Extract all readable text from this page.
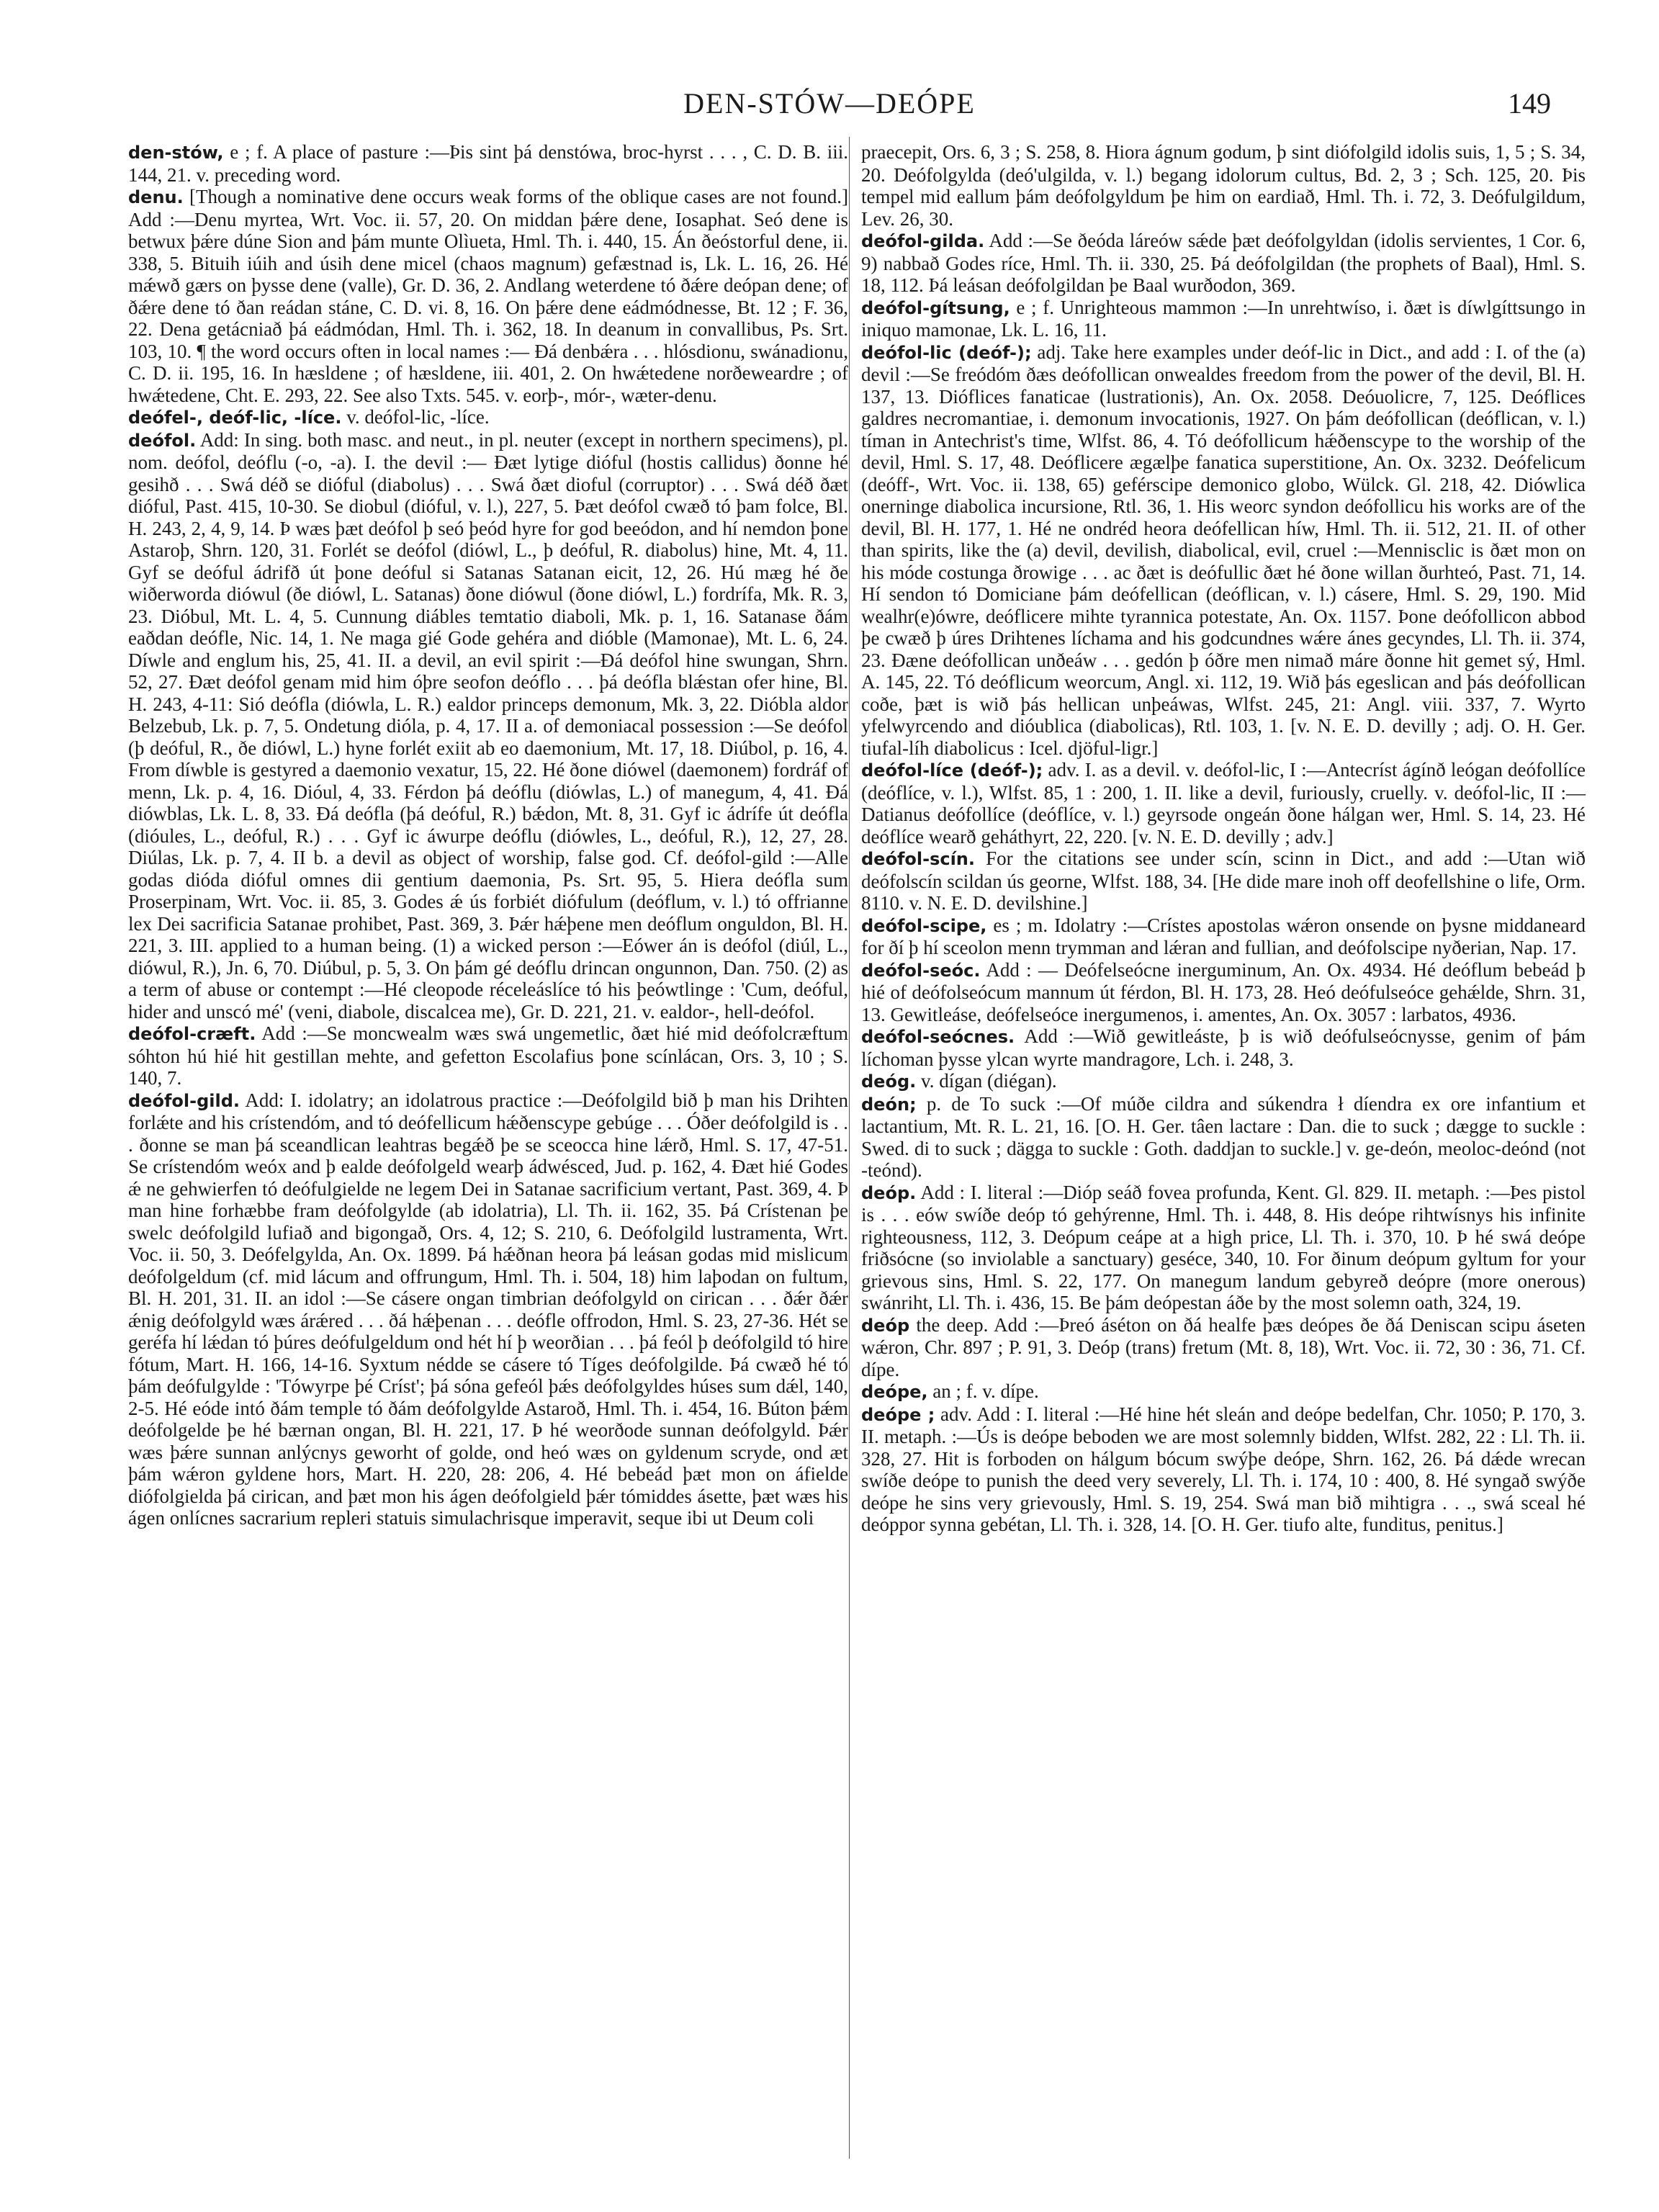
DEN-STÓW—DEÓPE	149

den-stów, e ; f. A place of pasture :—Þis sint þá denstówa, broc-hyrst . . . , C. D. B. iii. 144, 21. v. preceding word.

denu. [Though a nominative dene occurs weak forms of the oblique cases are not found.] Add :—Denu myrtea, Wrt. Voc. ii. 57, 20. On middan þǽre dene, Iosaphat. Seó dene is betwux þǽre dúne Sion and þám munte Olìueta, Hml. Th. i. 440, 15. Án ðeóstorful dene, ii. 338, 5. Bituih iúih and úsih dene micel (chaos magnum) gefæstnad is, Lk. L. 16, 26. Hé mǽwð gærs on þysse dene (valle), Gr. D. 36, 2. Andlang weterdene tó ðǽre deópan dene; of ðǽre dene tó ðan reádan stáne, C. D. vi. 8, 16. On þǽre dene eádmódnesse, Bt. 12 ; F. 36, 22. Dena getácniað þá eádmódan, Hml. Th. i. 362, 18. In deanum in convallibus, Ps. Srt. 103, 10. ¶ the word occurs often in local names :— Ðá denbǽra . . . hlósdionu, swánadionu, C. D. ii. 195, 16. In hæsldene ; of hæsldene, iii. 401, 2. On hwǽtedene norðeweardre ; of hwǽtedene, Cht. E. 293, 22. See also Txts. 545. v. eorþ-, mór-, wæter-denu.

deófel-, deóf-lic, -líce. v. deófol-lic, -líce.

deófol. Add: In sing. both masc. and neut., in pl. neuter (except in northern specimens), pl. nom. deófol, deóflu (-o, -a). I. the devil :— Ðæt lytige dióful (hostis callidus) ðonne hé gesihð . . . Swá déð se dióful (diabolus) . . . Swá ðæt dioful (corruptor) . . . Swá déð ðæt dióful, Past. 415, 10-30. Se diobul (dióful, v. l.), 227, 5. Þæt deófol cwæð tó þam folce, Bl. H. 243, 2, 4, 9, 14. Þ wæs þæt deófol þ seó þeód hyre for god beeódon, and hí nemdon þone Astaroþ, Shrn. 120, 31. Forlét se deófol (diówl, L., þ deóful, R. diabolus) hine, Mt. 4, 11. Gyf se deóful ádrifð út þone deóful si Satanas Satanan eicit, 12, 26. Hú mæg hé ðe wiðerworda diówul (ðe diówl, L. Satanas) ðone diówul (ðone diówl, L.) fordrífa, Mk. R. 3, 23. Dióbul, Mt. L. 4, 5. Cunnung diábles temtatio diaboli, Mk. p. 1, 16. Satanase ðám eaðdan deófle, Nic. 14, 1. Ne maga gié Gode gehéra and dióble (Mamonae), Mt. L. 6, 24. Díwle and englum his, 25, 41. II. a devil, an evil spirit :—Ðá deófol hine swungan, Shrn. 52, 27. Ðæt deófol genam mid him óþre seofon deóflo . . . þá deófla blǽstan ofer hine, Bl. H. 243, 4-11: Sió deófla (diówla, L. R.) ealdor princeps demonum, Mk. 3, 22. Dióbla aldor Belzebub, Lk. p. 7, 5. Ondetung dióla, p. 4, 17. II a. of demoniacal possession :—Se deófol (þ deóful, R., ðe diówl, L.) hyne forlét exiit ab eo daemonium, Mt. 17, 18. Diúbol, p. 16, 4. From díwble is gestyred a daemonio vexatur, 15, 22. Hé ðone diówel (daemonem) fordráf of menn, Lk. p. 4, 16. Dióul, 4, 33. Férdon þá deóflu (diówlas, L.) of manegum, 4, 41. Ðá diówblas, Lk. L. 8, 33. Ðá deófla (þá deóful, R.) bǽdon, Mt. 8, 31. Gyf ic ádrífe út deófla (dióules, L., deóful, R.) . . . Gyf ic áwurpe deóflu (diówles, L., deóful, R.), 12, 27, 28. Diúlas, Lk. p. 7, 4. II b. a devil as object of worship, false god. Cf. deófol-gild :—Alle godas dióda dióful omnes dii gentium daemonia, Ps. Srt. 95, 5. Hiera deófla sum Proserpinam, Wrt. Voc. ii. 85, 3. Godes ǽ ús forbiét diófulum (deóflum, v. l.) tó offrianne lex Dei sacrificia Satanae prohibet, Past. 369, 3. Þǽr hǽþene men deóflum onguldon, Bl. H. 221, 3. III. applied to a human being. (1) a wicked person :—Eówer án is deófol (diúl, L., diówul, R.), Jn. 6, 70. Diúbul, p. 5, 3. On þám gé deóflu drincan ongunnon, Dan. 750. (2) as a term of abuse or contempt :—Hé cleopode réceleáslíce tó his þeówtlinge : 'Cum, deóful, hider and unscó mé' (veni, diabole, discalcea me), Gr. D. 221, 21. v. ealdor-, hell-deófol.

deófol-cræft. Add :—Se moncwealm wæs swá ungemetlic, ðæt hié mid deófolcræftum sóhton hú hié hit gestillan mehte, and gefetton Escolafius þone scínlácan, Ors. 3, 10 ; S. 140, 7.

deófol-gild. Add: I. idolatry; an idolatrous practice :—Deófolgild bið þ man his Drihten forlǽte and his crístendóm, and tó deófellicum hǽðenscype gebúge . . . Óðer deófolgild is . . . ðonne se man þá sceandlican leahtras begǽð þe se sceocca hine lǽrð, Hml. S. 17, 47-51. Se crístendóm weóx and þ ealde deófolgeld wearþ ádwésced, Jud. p. 162, 4. Ðæt hié Godes ǽ ne gehwierfen tó deófulgielde ne legem Dei in Satanae sacrificium vertant, Past. 369, 4. Þ man hine forhæbbe fram deófolgylde (ab idolatria), Ll. Th. ii. 162, 35. Þá Crístenan þe swelc deófolgild lufiað and bigongað, Ors. 4, 12; S. 210, 6. Deófolgild lustramenta, Wrt. Voc. ii. 50, 3. Deófelgylda, An. Ox. 1899. Þá hǽðnan heora þá leásan godas mid mislicum deófolgeldum (cf. mid lácum and offrungum, Hml. Th. i. 504, 18) him laþodan on fultum, Bl. H. 201, 31. II. an idol :—Se cásere ongan timbrian deófolgyld on cirican . . . ðǽr ðǽr ǽnig deófolgyld wæs árǽred . . . ðá hǽþenan . . . deófle offrodon, Hml. S. 23, 27-36. Hét se geréfa hí lǽdan tó þúres deófulgeldum ond hét hí þ weorðian . . . þá feól þ deófolgild tó hire fótum, Mart. H. 166, 14-16. Syxtum nédde se cásere tó Tíges deófolgilde. Þá cwæð hé tó þám deófulgylde : 'Tówyrpe þé Críst'; þá sóna gefeól þǽs deófolgyldes húses sum dǽl, 140, 2-5. Hé eóde intó ðám temple tó ðám deófolgylde Astaroð, Hml. Th. i. 454, 16. Búton þǽm deófolgelde þe hé bærnan ongan, Bl. H. 221, 17. Þ hé weorðode sunnan deófolgyld. Þǽr wæs þǽre sunnan anlýcnys geworht of golde, ond heó wæs on gyldenum scryde, ond æt þám wǽron gyldene hors, Mart. H. 220, 28: 206, 4. Hé bebeád þæt mon on áfielde diófolgielda þá cirican, and þæt mon his ágen deófolgield þǽr tómiddes ásette, þæt wæs his ágen onlícnes sacrarium repleri statuis simulachrisque imperavit, seque ibi ut Deum coli

praecepit, Ors. 6, 3 ; S. 258, 8. Hiora ágnum godum, þ sint diófolgild idolis suis, 1, 5 ; S. 34, 20. Deófolgylda (deó'ulgilda, v. l.) begang idolorum cultus, Bd. 2, 3 ; Sch. 125, 20. Þis tempel mid eallum þám deófolgyldum þe him on eardiað, Hml. Th. i. 72, 3. Deófulgildum, Lev. 26, 30.

deófol-gilda. Add :—Se ðeóda láreów sǽde þæt deófolgyldan (idolis servientes, 1 Cor. 6, 9) nabbað Godes ríce, Hml. Th. ii. 330, 25. Þá deófolgildan (the prophets of Baal), Hml. S. 18, 112. Þá leásan deófolgildan þe Baal wurðodon, 369.

deófol-gítsung, e ; f. Unrighteous mammon :—In unrehtwíso, i. ðæt is díwlgíttsungo in iniquo mamonae, Lk. L. 16, 11.

deófol-lic (deóf-); adj. Take here examples under deóf-lic in Dict., and add : I. of the (a) devil :—Se freódóm ðæs deófollican onwealdes freedom from the power of the devil, Bl. H. 137, 13. Dióflices fanaticae (lustrationis), An. Ox. 2058. Deóuolicre, 7, 125. Deóflices galdres necromantiae, i. demonum invocationis, 1927. On þám deófollican (deóflican, v. l.) tíman in Antechrist's time, Wlfst. 86, 4. Tó deófollicum hǽðenscype to the worship of the devil, Hml. S. 17, 48. Deóflicere ægælþe fanatica superstitione, An. Ox. 3232. Deófelicum (deóff-, Wrt. Voc. ii. 138, 65) geférscipe demonico globo, Wülck. Gl. 218, 42. Diówlica onerninge diabolica incursione, Rtl. 36, 1. His weorc syndon deófollicu his works are of the devil, Bl. H. 177, 1. Hé ne ondréd heora deófellican híw, Hml. Th. ii. 512, 21. II. of other than spirits, like the (a) devil, devilish, diabolical, evil, cruel :—Mennisclic is ðæt mon on his móde costunga ðrowige . . . ac ðæt is deófullic ðæt hé ðone willan ðurhteó, Past. 71, 14. Hí sendon tó Domiciane þám deófellican (deóflican, v. l.) cásere, Hml. S. 29, 190. Mid wealhr(e)ówre, deóflicere mihte tyrannica potestate, An. Ox. 1157. Þone deófollicon abbod þe cwæð þ úres Drihtenes líchama and his godcundnes wǽre ánes gecyndes, Ll. Th. ii. 374, 23. Ðæne deófollican unðeáw . . . gedón þ óðre men nimað máre ðonne hit gemet sý, Hml. A. 145, 22. Tó deóflicum weorcum, Angl. xi. 112, 19. Wið þás egeslican and þás deófollican coðe, þæt is wið þás hellican unþeáwas, Wlfst. 245, 21: Angl. viii. 337, 7. Wyrto yfelwyrcendo and dióublica (diabolicas), Rtl. 103, 1. [v. N. E. D. devilly ; adj. O. H. Ger. tiufal-líh diabolicus : Icel. djöful-ligr.]

deófol-líce (deóf-); adv. I. as a devil. v. deófol-lic, I :—Antecríst ágínð leógan deófollíce (deóflíce, v. l.), Wlfst. 85, 1 : 200, 1. II. like a devil, furiously, cruelly. v. deófol-lic, II :—Datianus deófollíce (deóflíce, v. l.) geyrsode ongeán ðone hálgan wer, Hml. S. 14, 23. Hé deóflíce wearð geháthyrt, 22, 220. [v. N. E. D. devilly ; adv.]

deófol-scín. For the citations see under scín, scinn in Dict., and add :—Utan wið deófolscín scildan ús georne, Wlfst. 188, 34. [He dide mare inoh off deofellshine o life, Orm. 8110. v. N. E. D. devilshine.]

deófol-scipe, es ; m. Idolatry :—Crístes apostolas wǽron onsende on þysne middaneard for ðí þ hí sceolon menn trymman and lǽran and fullian, and deófolscipe nyðerian, Nap. 17.

deófol-seóc. Add : — Deófelseócne inerguminum, An. Ox. 4934. Hé deóflum bebeád þ hié of deófolseócum mannum út férdon, Bl. H. 173, 28. Heó deófulseóce gehǽlde, Shrn. 31, 13. Gewitleáse, deófelseóce inergumenos, i. amentes, An. Ox. 3057 : larbatos, 4936.

deófol-seócnes. Add :—Wið gewitleáste, þ is wið deófulseócnysse, genim of þám líchoman þysse ylcan wyrte mandragore, Lch. i. 248, 3.

deóg. v. dígan (diégan).

deón; p. de To suck :—Of múðe cildra and súkendra ł díendra ex ore infantium et lactantium, Mt. R. L. 21, 16. [O. H. Ger. tâen lactare : Dan. die to suck ; dægge to suckle : Swed. di to suck ; dägga to suckle : Goth. daddjan to suckle.] v. ge-deón, meoloc-deónd (not -teónd).

deóp. Add : I. literal :—Dióp seáð fovea profunda, Kent. Gl. 829. II. metaph. :—Þes pistol is . . . eów swíðe deóp tó gehýrenne, Hml. Th. i. 448, 8. His deópe rihtwísnys his infinite righteousness, 112, 3. Deópum ceápe at a high price, Ll. Th. i. 370, 10. Þ hé swá deópe friðsócne (so inviolable a sanctuary) geséce, 340, 10. For ðinum deópum gyltum for your grievous sins, Hml. S. 22, 177. On manegum landum gebyreð deópre (more onerous) swánriht, Ll. Th. i. 436, 15. Be þám deópestan áðe by the most solemn oath, 324, 19.

deóp the deep. Add :—Þreó áséton on ðá healfe þæs deópes ðe ðá Deniscan scipu áseten wǽron, Chr. 897 ; P. 91, 3. Deóp (trans) fretum (Mt. 8, 18), Wrt. Voc. ii. 72, 30 : 36, 71. Cf. dípe.

deópe, an ; f. v. dípe.

deópe ; adv. Add : I. literal :—Hé hine hét sleán and deópe bedelfan, Chr. 1050; P. 170, 3. II. metaph. :—Ús is deópe beboden we are most solemnly bidden, Wlfst. 282, 22 : Ll. Th. ii. 328, 27. Hit is forboden on hálgum bócum swýþe deópe, Shrn. 162, 26. Þá dǽde wrecan swíðe deópe to punish the deed very severely, Ll. Th. i. 174, 10 : 400, 8. Hé syngað swýðe deópe he sins very grievously, Hml. S. 19, 254. Swá man bið mihtigra . . ., swá sceal hé deóppor synna gebétan, Ll. Th. i. 328, 14. [O. H. Ger. tiufo alte, funditus, penitus.]
